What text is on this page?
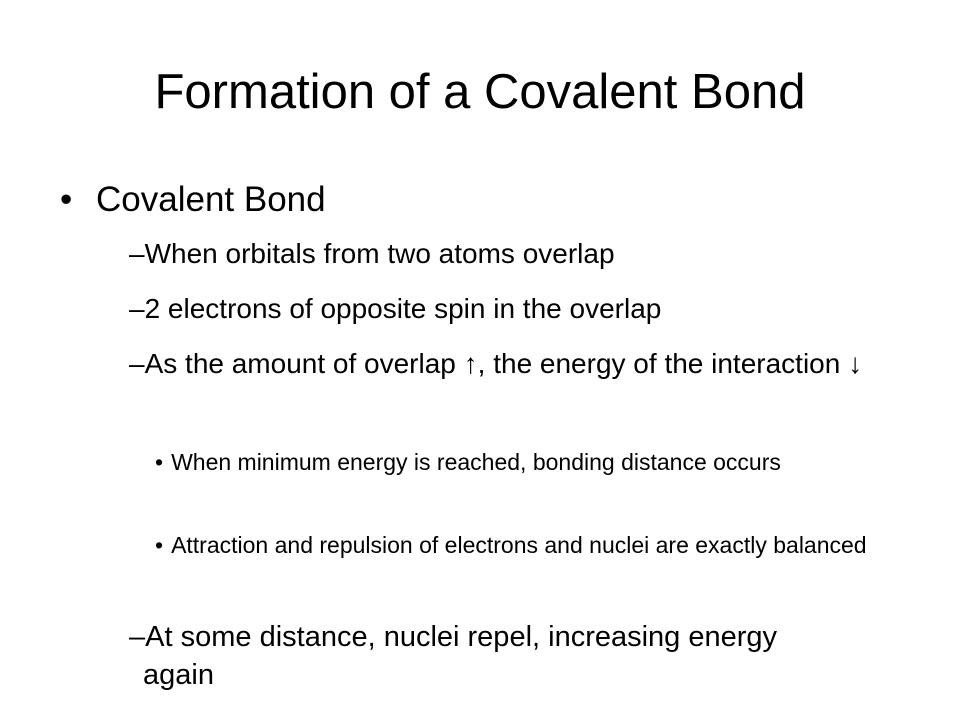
Formation of a Covalent Bond
• Covalent Bond
–When orbitals from two atoms overlap
–2 electrons of opposite spin in the overlap
–As the amount of overlap ↑, the energy of the interaction ↓
• When minimum energy is reached, bonding distance occurs
• Attraction and repulsion of electrons and nuclei are exactly balanced
–At some distance, nuclei repel, increasing energy again
